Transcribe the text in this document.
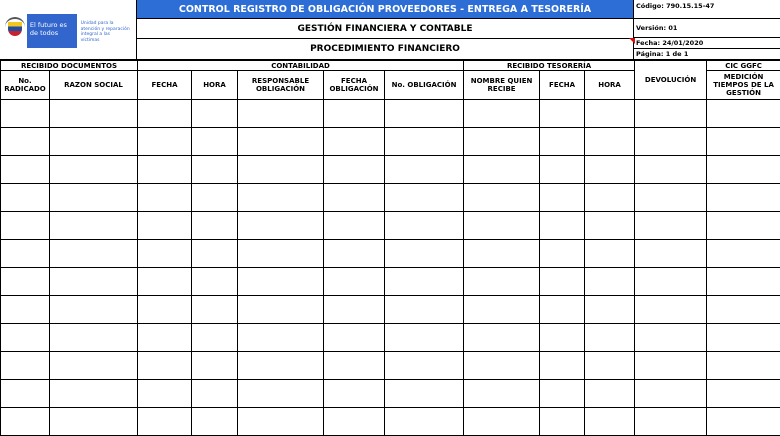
El futuro es de todos
Unidad para la atención y reparación integral a las víctimas
CONTROL REGISTRO DE OBLIGACIÓN PROVEEDORES - ENTREGA A TESORERÍA
GESTIÓN FINANCIERA Y CONTABLE
PROCEDIMIENTO FINANCIERO
Código: 790.15.15-47
Versión: 01
Fecha: 24/01/2020
Página: 1 de 1
RECIBIDO DOCUMENTOS		CONTABILIDAD					RECIBIDO TESORERÍA			DEVOLUCIÓN	CIC GGFC
No. RADICADO	RAZON SOCIAL	FECHA	HORA	RESPONSABLE OBLIGACIÓN	FECHA OBLIGACIÓN	No. OBLIGACIÓN	NOMBRE QUIEN RECIBE	FECHA	HORA		MEDICIÓN TIEMPOS DE LA GESTIÓN
